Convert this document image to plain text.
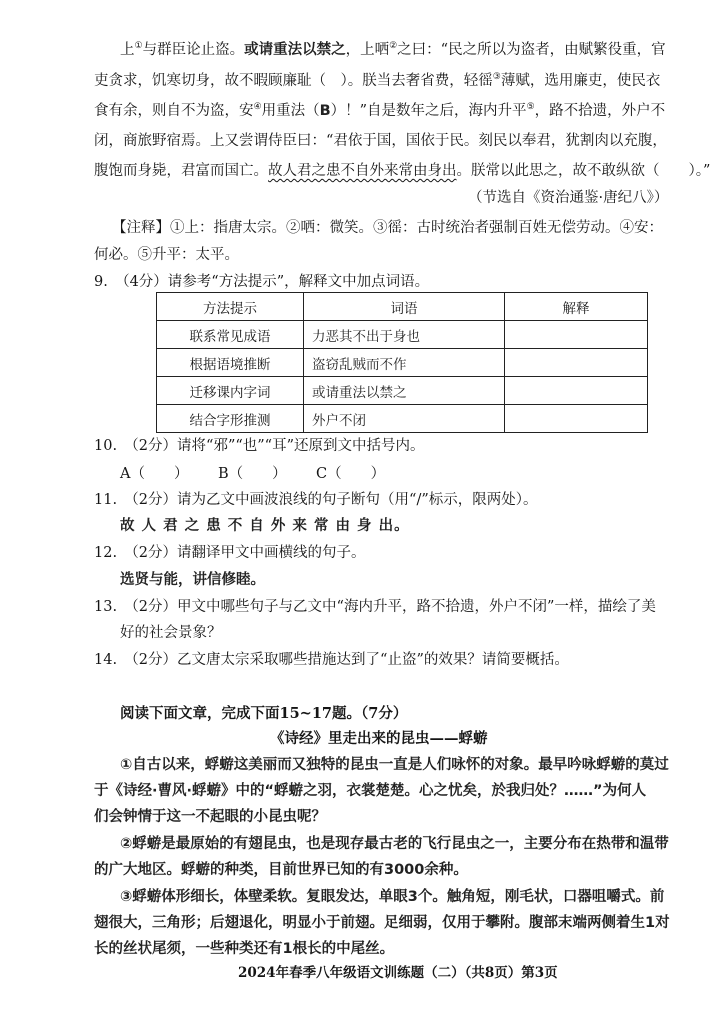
上①与群臣论止盗。或请重法以禁之，上哂②之曰：“民之所以为盗者，由赋繁役重，官
吏贪求，饥寒切身，故不暇顾廉耻（　）。朕当去奢省费，轻徭③薄赋，选用廉吏，使民衣
食有余，则自不为盗，安④用重法（B）！”自是数年之后，海内升平⑤，路不拾遗，外户不
闭，商旅野宿焉。上又尝谓侍臣曰：“君依于国，国依于民。刻民以奉君，犹割肉以充腹，
腹饱而身毙，君富而国亡。故人君之患不自外来常由身出。朕常以此思之，故不敢纵欲（　　）。”
（节选自《资治通鉴·唐纪八》）
【注释】①上：指唐太宗。②哂：微笑。③徭：古时统治者强制百姓无偿劳动。④安：
何必。⑤升平：太平。
9.　（4分）请参考“方法提示”，解释文中加点词语。
方法提示	词语	解释
联系常见成语	力恶其不出于身也	
根据语境推断	盗窃乱贼而不作	
迁移课内字词	或请重法以禁之	
结合字形推测	外户不闭	
10.　（2分）请将“邪”“也”“耳”还原到文中括号内。
A（　　） B（　　） C（　　）
11.　（2分）请为乙文中画波浪线的句子断句（用“/”标示，限两处）。
故 人 君 之 患 不 自 外 来 常 由 身 出。
12.　（2分）请翻译甲文中画横线的句子。
选贤与能，讲信修睦。
13.　（2分）甲文中哪些句子与乙文中“海内升平，路不拾遗，外户不闭”一样，描绘了美
好的社会景象？
14.　（2分）乙文唐太宗采取哪些措施达到了“止盗”的效果？请简要概括。
阅读下面文章，完成下面15~17题。（7分）
《诗经》里走出来的昆虫——蜉蝣
①自古以来，蜉蝣这美丽而又独特的昆虫一直是人们咏怀的对象。最早吟咏蜉蝣的莫过
于《诗经·曹风·蜉蝣》中的“蜉蝣之羽，衣裳楚楚。心之忧矣，於我归处？……”为何人
们会钟情于这一不起眼的小昆虫呢？
②蜉蝣是最原始的有翅昆虫，也是现存最古老的飞行昆虫之一，主要分布在热带和温带
的广大地区。蜉蝣的种类，目前世界已知的有3000余种。
③蜉蝣体形细长，体壁柔软。复眼发达，单眼3个。触角短，刚毛状，口器咀嚼式。前
翅很大，三角形；后翅退化，明显小于前翅。足细弱，仅用于攀附。腹部末端两侧着生1对
长的丝状尾须，一些种类还有1根长的中尾丝。
2024年春季八年级语文训练题（二）（共8页）第3页
